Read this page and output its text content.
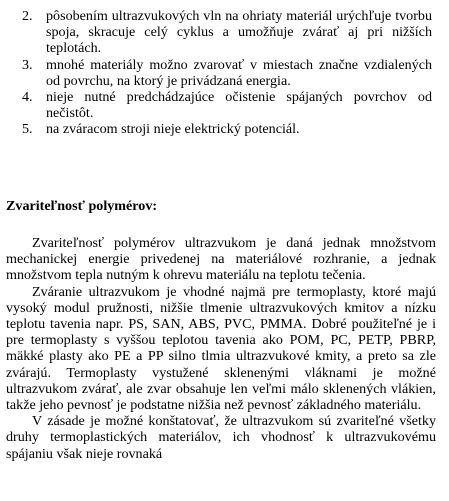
2. pôsobením ultrazvukových vln na ohriaty materiál urýchľuje tvorbu spoja, skracuje celý cyklus a umožňuje zvárať aj pri nižších teplotách.
3. mnohé materiály možno zvarovať v miestach značne vzdialených od povrchu, na ktorý je privádzaná energia.
4. nieje nutné predchádzajúce očistenie spájaných povrchov od nečistôt.
5. na zváracom stroji nieje elektrický potenciál.
Zvariteľnosť polymérov:

Zvariteľnosť polymérov ultrazvukom je daná jednak množstvom mechanickej energie privedenej na materiálové rozhranie, a jednak množstvom tepla nutným k ohrevu materiálu na teplotu tečenia.

Zváranie ultrazvukom je vhodné najmä pre termoplasty, ktoré majú vysoký modul pružnosti, nižšie tlmenie ultrazvukových kmitov a nízku teplotu tavenia napr. PS, SAN, ABS, PVC, PMMA. Dobré použiteľné je i pre termoplasty s vyššou teplotou tavenia ako POM, PC, PETP, PBRP, mäkké plasty ako PE a PP silno tlmia ultrazvukové kmity, a preto sa zle zvárajú. Termoplasty vystužené sklenenými vláknami je možné ultrazvukom zvárať, ale zvar obsahuje len veľmi málo sklenených vlákien, takže jeho pevnosť je podstatne nižšia než pevnosť základného materiálu.

V zásade je možné konštatovať, že ultrazvukom sú zvariteľné všetky druhy termoplastických materiálov, ich vhodnosť k ultrazvukovému spájaniu však nieje rovnaká
